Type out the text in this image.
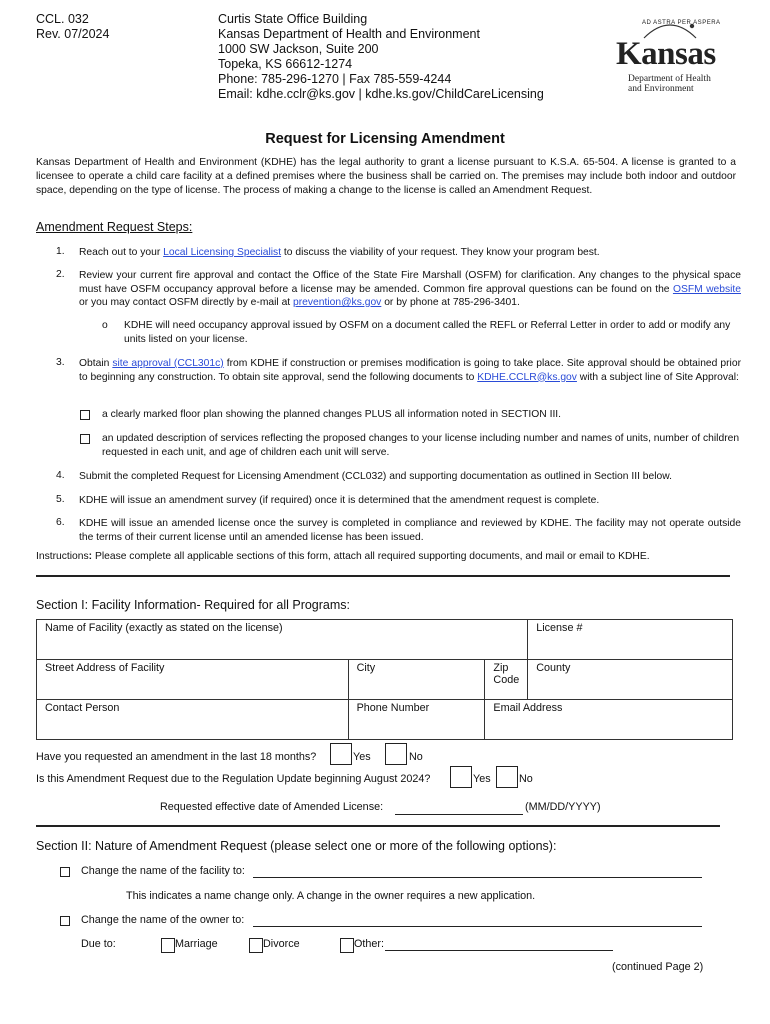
CCL. 032
Rev. 07/2024
Curtis State Office Building
Kansas Department of Health and Environment
1000 SW Jackson, Suite 200
Topeka, KS 66612-1274
Phone: 785-296-1270 | Fax 785-559-4244
Email: kdhe.cclr@ks.gov | kdhe.ks.gov/ChildCareLicensing
AD ASTRA PER ASPERA
Kansas
Department of Health
and Environment
Request for Licensing Amendment
Kansas Department of Health and Environment (KDHE) has the legal authority to grant a license pursuant to K.S.A. 65-504. A license is granted to a licensee to operate a child care facility at a defined premises where the business shall be carried on. The premises may include both indoor and outdoor space, depending on the type of license. The process of making a change to the license is called an Amendment Request.
Amendment Request Steps:
1. Reach out to your Local Licensing Specialist to discuss the viability of your request. They know your program best.
2. Review your current fire approval and contact the Office of the State Fire Marshall (OSFM) for clarification. Any changes to the physical space must have OSFM occupancy approval before a license may be amended. Common fire approval questions can be found on the OSFM website or you may contact OSFM directly by e-mail at prevention@ks.gov or by phone at 785-296-3401.
o KDHE will need occupancy approval issued by OSFM on a document called the REFL or Referral Letter in order to add or modify any units listed on your license.
3. Obtain site approval (CCL301c) from KDHE if construction or premises modification is going to take place. Site approval should be obtained prior to beginning any construction. To obtain site approval, send the following documents to KDHE.CCLR@ks.gov with a subject line of Site Approval:
a clearly marked floor plan showing the planned changes PLUS all information noted in SECTION III.
an updated description of services reflecting the proposed changes to your license including number and names of units, number of children requested in each unit, and age of children each unit will serve.
4. Submit the completed Request for Licensing Amendment (CCL032) and supporting documentation as outlined in Section III below.
5. KDHE will issue an amendment survey (if required) once it is determined that the amendment request is complete.
6. KDHE will issue an amended license once the survey is completed in compliance and reviewed by KDHE. The facility may not operate outside the terms of their current license until an amended license has been issued.
Instructions: Please complete all applicable sections of this form, attach all required supporting documents, and mail or email to KDHE.
Section I: Facility Information- Required for all Programs:
Name of Facility (exactly as stated on the license)			License #
Street Address of Facility	City	Zip Code	County
Contact Person	Phone Number	Email Address	
Have you requested an amendment in the last 18 months?	Yes	No
Is this Amendment Request due to the Regulation Update beginning August 2024?	Yes	No
Requested effective date of Amended License:	(MM/DD/YYYY)
Section II: Nature of Amendment Request (please select one or more of the following options):
Change the name of the facility to:
This indicates a name change only. A change in the owner requires a new application.
Change the name of the owner to:
Due to:	Marriage	Divorce	Other:
(continued Page 2)
